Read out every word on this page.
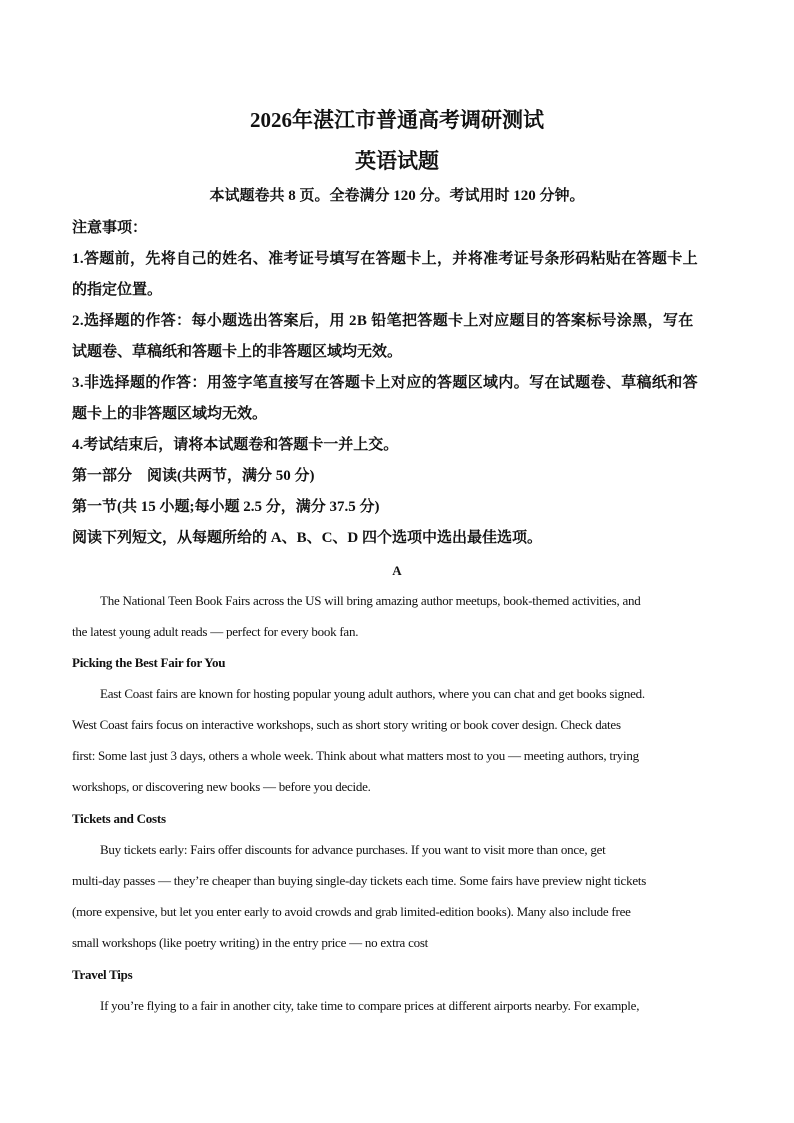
2026年湛江市普通高考调研测试
英语试题
本试题卷共 8 页。全卷满分 120 分。考试用时 120 分钟。
注意事项：
1.答题前，先将自己的姓名、准考证号填写在答题卡上，并将准考证号条形码粘贴在答题卡上
的指定位置。
2.选择题的作答：每小题选出答案后，用 2B 铅笔把答题卡上对应题目的答案标号涂黑，写在
试题卷、草稿纸和答题卡上的非答题区域均无效。
3.非选择题的作答：用签字笔直接写在答题卡上对应的答题区域内。写在试题卷、草稿纸和答
题卡上的非答题区域均无效。
4.考试结束后，请将本试题卷和答题卡一并上交。
第一部分　阅读(共两节，满分 50 分)
第一节(共 15 小题;每小题 2.5 分，满分 37.5 分)
阅读下列短文，从每题所给的 A、B、C、D 四个选项中选出最佳选项。
A
The National Teen Book Fairs across the US will bring amazing author meetups, book-themed activities, and
the latest young adult reads — perfect for every book fan.
Picking the Best Fair for You
East Coast fairs are known for hosting popular young adult authors, where you can chat and get books signed.
West Coast fairs focus on interactive workshops, such as short story writing or book cover design. Check dates
first: Some last just 3 days, others a whole week. Think about what matters most to you — meeting authors, trying
workshops, or discovering new books — before you decide.
Tickets and Costs
Buy tickets early: Fairs offer discounts for advance purchases. If you want to visit more than once, get
multi-day passes — they’re cheaper than buying single-day tickets each time. Some fairs have preview night tickets
(more expensive, but let you enter early to avoid crowds and grab limited-edition books). Many also include free
small workshops (like poetry writing) in the entry price — no extra cost
Travel Tips
If you’re flying to a fair in another city, take time to compare prices at different airports nearby. For example,
